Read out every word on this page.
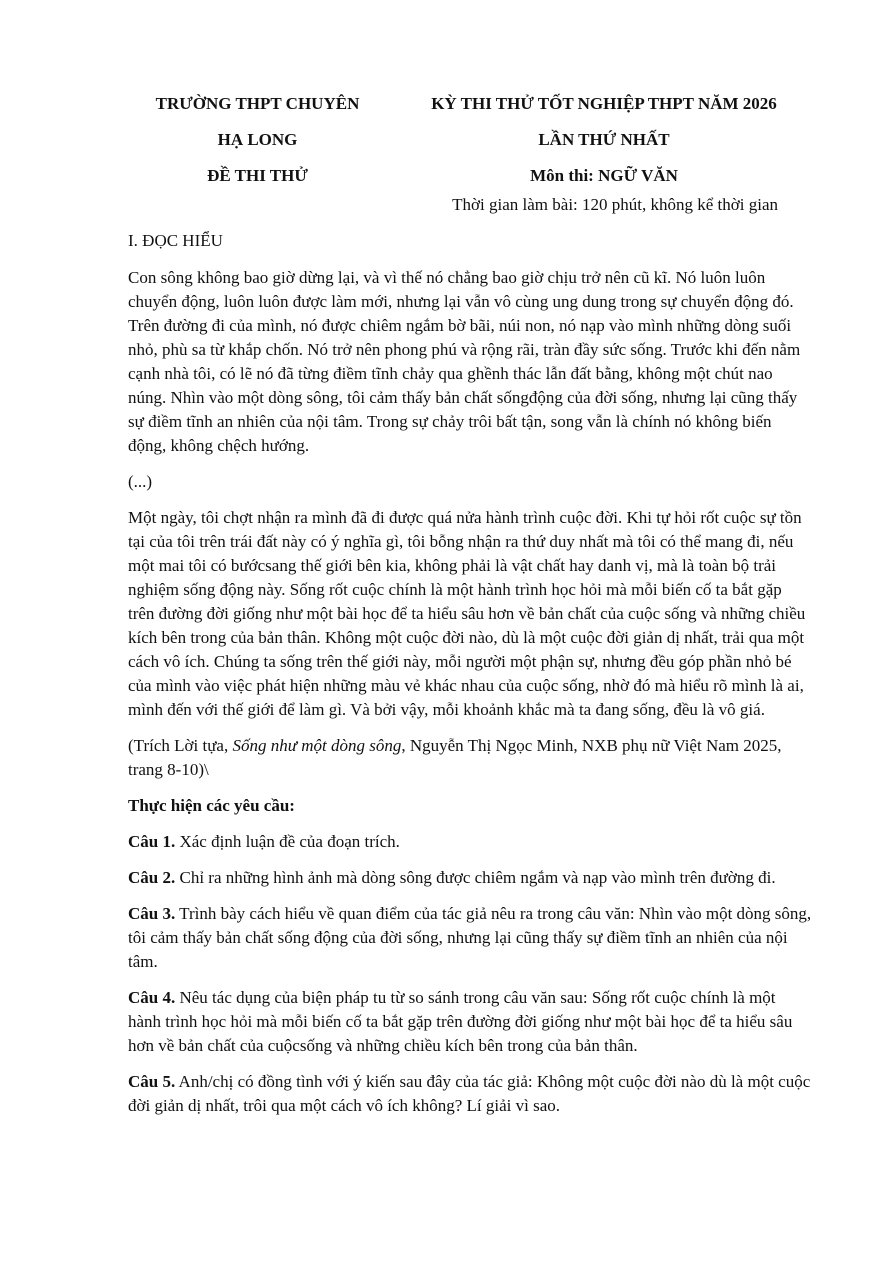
TRƯỜNG THPT CHUYÊN
HẠ LONG
ĐỀ THI THỬ
KỲ THI THỬ TỐT NGHIỆP THPT NĂM 2026
LẦN THỨ NHẤT
Môn thi: NGỮ VĂN
Thời gian làm bài: 120 phút, không kể thời gian

I. ĐỌC HIỂU

Con sông không bao giờ dừng lại, và vì thế nó chẳng bao giờ chịu trở nên cũ kĩ. Nó luôn luôn chuyển động, luôn luôn được làm mới, nhưng lại vẫn vô cùng ung dung trong sự chuyển động đó. Trên đường đi của mình, nó được chiêm ngắm bờ bãi, núi non, nó nạp vào mình những dòng suối nhỏ, phù sa từ khắp chốn. Nó trở nên phong phú và rộng rãi, tràn đầy sức sống. Trước khi đến nằm cạnh nhà tôi, có lẽ nó đã từng điềm tĩnh chảy qua ghềnh thác lẫn đất bằng, không một chút nao núng. Nhìn vào một dòng sông, tôi cảm thấy bản chất sốngđộng của đời sống, nhưng lại cũng thấy sự điềm tĩnh an nhiên của nội tâm. Trong sự chảy trôi bất tận, song vẫn là chính nó không biến động, không chệch hướng.

(...)

Một ngày, tôi chợt nhận ra mình đã đi được quá nửa hành trình cuộc đời. Khi tự hỏi rốt cuộc sự tồn tại của tôi trên trái đất này có ý nghĩa gì, tôi bỗng nhận ra thứ duy nhất mà tôi có thể mang đi, nếu một mai tôi có bướcsang thế giới bên kia, không phải là vật chất hay danh vị, mà là toàn bộ trải nghiệm sống động này. Sống rốt cuộc chính là một hành trình học hỏi mà mỗi biến cố ta bắt gặp trên đường đời giống như một bài học để ta hiểu sâu hơn về bản chất của cuộc sống và những chiều kích bên trong của bản thân. Không một cuộc đời nào, dù là một cuộc đời giản dị nhất, trải qua một cách vô ích. Chúng ta sống trên thế giới này, mỗi người một phận sự, nhưng đều góp phần nhỏ bé của mình vào việc phát hiện những màu vẻ khác nhau của cuộc sống, nhờ đó mà hiểu rõ mình là ai, mình đến với thế giới để làm gì. Và bởi vậy, mỗi khoảnh khắc mà ta đang sống, đều là vô giá.

(Trích Lời tựa, Sống như một dòng sông, Nguyễn Thị Ngọc Minh, NXB phụ nữ Việt Nam 2025, trang 8-10)\

Thực hiện các yêu cầu:

Câu 1. Xác định luận đề của đoạn trích.

Câu 2. Chỉ ra những hình ảnh mà dòng sông được chiêm ngắm và nạp vào mình trên đường đi.

Câu 3. Trình bày cách hiểu về quan điểm của tác giả nêu ra trong câu văn: Nhìn vào một dòng sông, tôi cảm thấy bản chất sống động của đời sống, nhưng lại cũng thấy sự điềm tĩnh an nhiên của nội tâm.

Câu 4. Nêu tác dụng của biện pháp tu từ so sánh trong câu văn sau: Sống rốt cuộc chính là một hành trình học hỏi mà mỗi biến cố ta bắt gặp trên đường đời giống như một bài học để ta hiểu sâu hơn về bản chất của cuộcsống và những chiều kích bên trong của bản thân.

Câu 5. Anh/chị có đồng tình với ý kiến sau đây của tác giả: Không một cuộc đời nào dù là một cuộc đời giản dị nhất, trôi qua một cách vô ích không? Lí giải vì sao.
